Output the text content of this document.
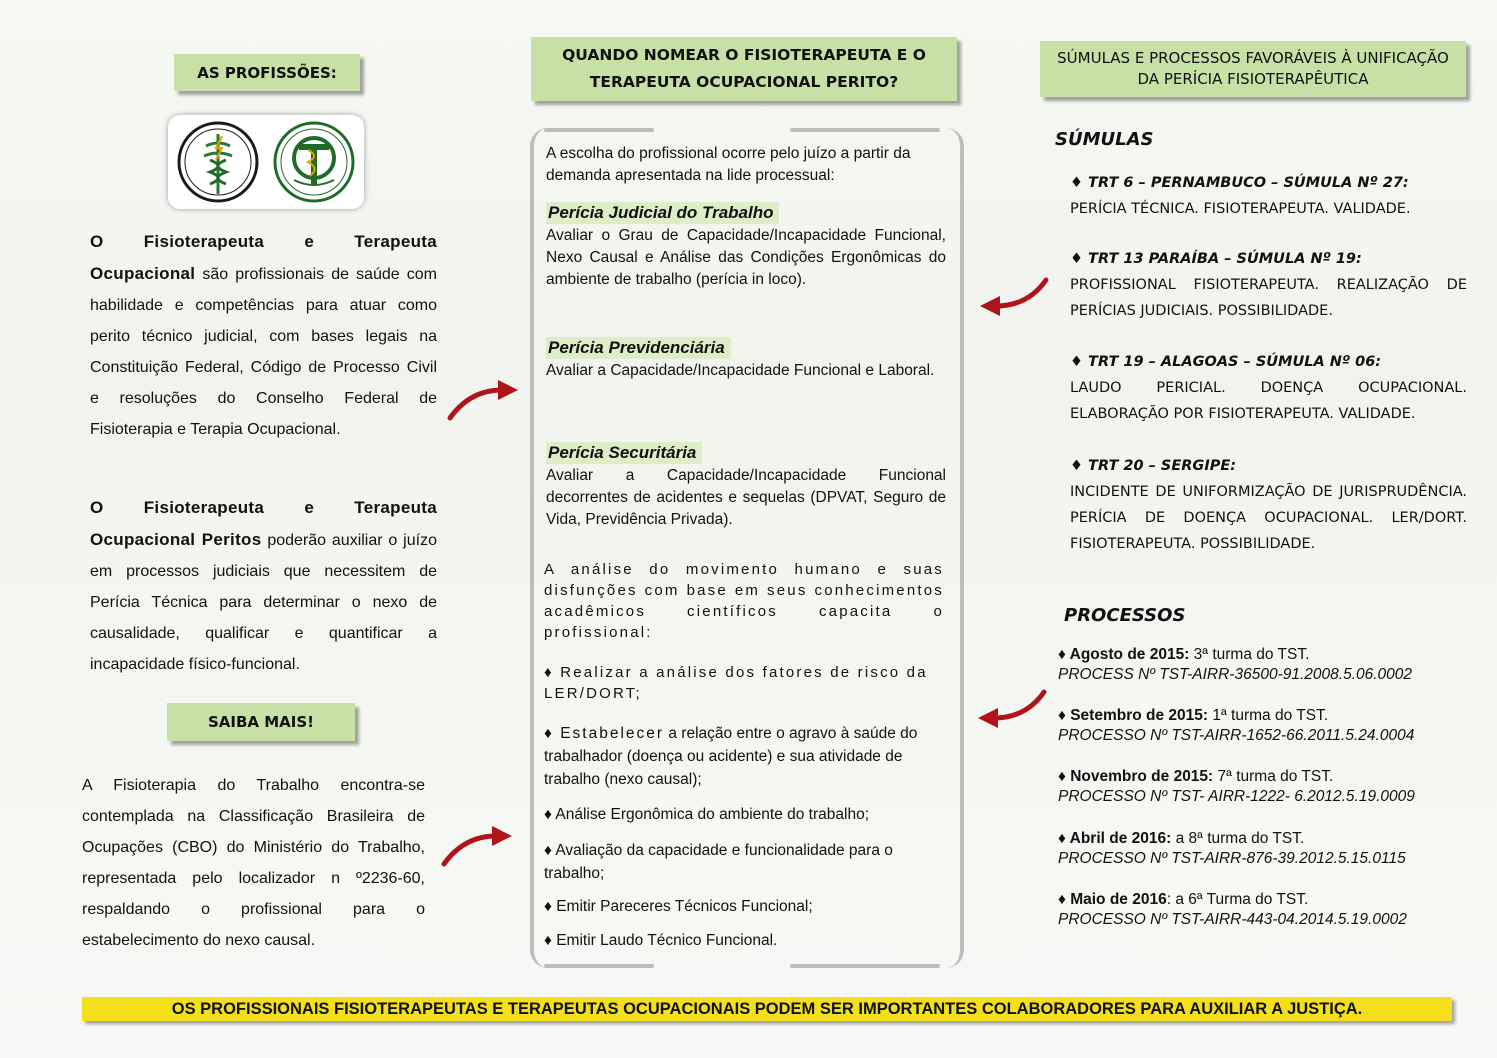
AS PROFISSÕES:
O Fisioterapeuta e Terapeuta Ocupacional são profissionais de saúde com habilidade e competências para atuar como perito técnico judicial, com bases legais na Constituição Federal, Código de Processo Civil e resoluções do Conselho Federal de Fisioterapia e Terapia Ocupacional.
O Fisioterapeuta e Terapeuta Ocupacional Peritos poderão auxiliar o juízo em processos judiciais que necessitem de Perícia Técnica para determinar o nexo de causalidade, qualificar e quantificar a incapacidade físico-funcional.
SAIBA MAIS!
A Fisioterapia do Trabalho encontra-se contemplada na Classificação Brasileira de Ocupações (CBO) do Ministério do Trabalho, representada pelo localizador n º2236-60, respaldando o profissional para o estabelecimento do nexo causal.
QUANDO NOMEAR O FISIOTERAPEUTA E O TERAPEUTA OCUPACIONAL PERITO?
A escolha do profissional ocorre pelo juízo a partir da demanda apresentada na lide processual:
Perícia Judicial do Trabalho
Avaliar o Grau de Capacidade/Incapacidade Funcional, Nexo Causal e Análise das Condições Ergonômicas do ambiente de trabalho (perícia in loco).
Perícia Previdenciária
Avaliar a Capacidade/Incapacidade Funcional e Laboral.
Perícia Securitária
Avaliar a Capacidade/Incapacidade Funcional decorrentes de acidentes e sequelas (DPVAT, Seguro de Vida, Previdência Privada).
A análise do movimento humano e suas disfunções com base em seus conhecimentos acadêmicos científicos capacita o profissional:
♦ Realizar a análise dos fatores de risco da LER/DORT;
♦ Estabelecer a relação entre o agravo à saúde do trabalhador (doença ou acidente) e sua atividade de trabalho (nexo causal);
♦ Análise Ergonômica do ambiente do trabalho;
♦ Avaliação da capacidade e funcionalidade para o trabalho;
♦ Emitir Pareceres Técnicos Funcional;
♦ Emitir Laudo Técnico Funcional.
SÚMULAS E PROCESSOS FAVORÁVEIS À UNIFICAÇÃO DA PERÍCIA FISIOTERAPÊUTICA
SÚMULAS
♦ TRT 6 – PERNAMBUCO – SÚMULA Nº 27:
PERÍCIA TÉCNICA. FISIOTERAPEUTA. VALIDADE.
♦ TRT 13 PARAÍBA – SÚMULA Nº 19:
PROFISSIONAL FISIOTERAPEUTA. REALIZAÇÃO DE PERÍCIAS JUDICIAIS. POSSIBILIDADE.
♦ TRT 19 – ALAGOAS – SÚMULA Nº 06:
LAUDO PERICIAL. DOENÇA OCUPACIONAL. ELABORAÇÃO POR FISIOTERAPEUTA. VALIDADE.
♦ TRT 20 – SERGIPE:
INCIDENTE DE UNIFORMIZAÇÃO DE JURISPRUDÊNCIA. PERÍCIA DE DOENÇA OCUPACIONAL. LER/DORT. FISIOTERAPEUTA. POSSIBILIDADE.
PROCESSOS
♦ Agosto de 2015: 3ª turma do TST.
PROCESS Nº TST-AIRR-36500-91.2008.5.06.0002
♦ Setembro de 2015: 1ª turma do TST.
PROCESSO Nº TST-AIRR-1652-66.2011.5.24.0004
♦ Novembro de 2015: 7ª turma do TST.
PROCESSO Nº TST- AIRR-1222- 6.2012.5.19.0009
♦ Abril de 2016: a 8ª turma do TST.
PROCESSO Nº TST-AIRR-876-39.2012.5.15.0115
♦ Maio de 2016: a 6ª Turma do TST.
PROCESSO Nº TST-AIRR-443-04.2014.5.19.0002
OS PROFISSIONAIS FISIOTERAPEUTAS E TERAPEUTAS OCUPACIONAIS PODEM SER IMPORTANTES COLABORADORES PARA AUXILIAR A JUSTIÇA.
